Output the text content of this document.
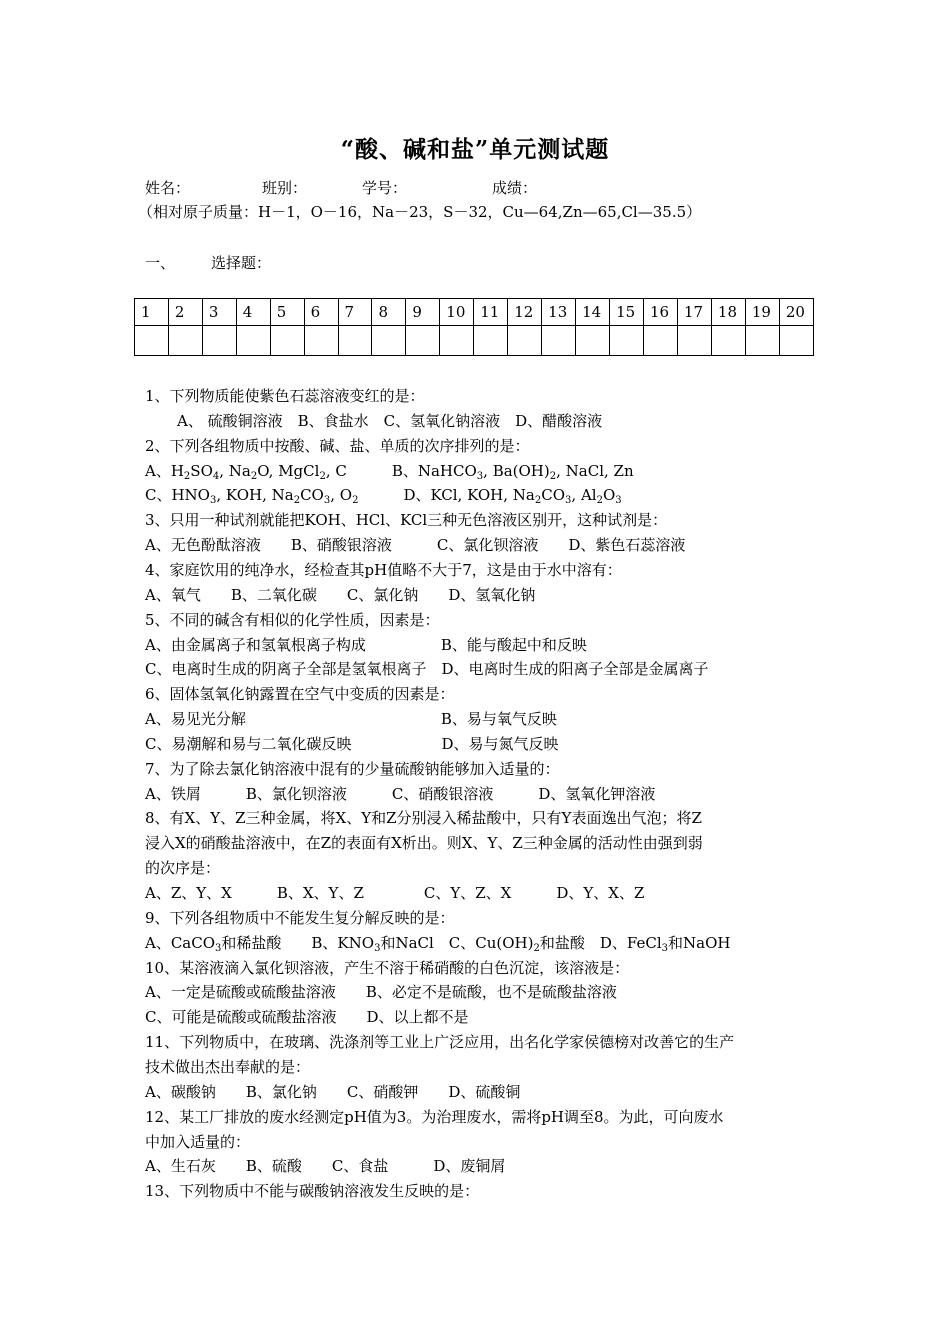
“酸、碱和盐”单元测试题
姓名：	班别：	学号：	成绩：
（相对原子质量：H－1，O－16，Na－23，S－32，Cu—64,Zn—65,Cl—35.5）
一、 选择题：
1	2	3	4	5	6	7	8	9	10	11	12	13	14	15	16	17	18	19	20

1、下列物质能使紫色石蕊溶液变红的是：
A、 硫酸铜溶液　B、食盐水　C、氢氧化钠溶液　D、醋酸溶液
2、下列各组物质中按酸、碱、盐、单质的次序排列的是：
A、$H_2SO_4$, $Na_2O$, MgCl$_2$, C　　　B、NaHCO$_3$, $Ba(OH)_2$, NaCl, Zn
C、$HNO_3$, KOH, $Na_2CO_3$, $O_2$　　　D、KCl, KOH, $Na_2CO_3$, $Al_2O_3$
3、只用一种试剂就能把KOH、HCl、KCl三种无色溶液区别开，这种试剂是：
A、无色酚酞溶液　　B、硝酸银溶液　　　C、氯化钡溶液　　D、紫色石蕊溶液
4、家庭饮用的纯净水，经检查其pH值略不大于7，这是由于水中溶有：
A、氧气　　B、二氧化碳　　C、氯化钠　　D、氢氧化钠
5、不同的碱含有相似的化学性质，因素是：
A、由金属离子和氢氧根离子构成　　　　　B、能与酸起中和反映
C、电离时生成的阴离子全部是氢氧根离子　D、电离时生成的阳离子全部是金属离子
6、固体氢氧化钠露置在空气中变质的因素是：
A、易见光分解　　　　　　　　　　　　　B、易与氧气反映
C、易潮解和易与二氧化碳反映　　　　　　D、易与氮气反映
7、为了除去氯化钠溶液中混有的少量硫酸钠能够加入适量的：
A、铁屑　　　B、氯化钡溶液　　　C、硝酸银溶液　　　D、氢氧化钾溶液
8、有X、Y、Z三种金属，将X、Y和Z分别浸入稀盐酸中，只有Y表面逸出气泡；将Z
浸入X的硝酸盐溶液中，在Z的表面有X析出。则X、Y、Z三种金属的活动性由强到弱
的次序是：
A、Z、Y、X　　　B、X、Y、Z　　　　C、Y、Z、X　　　D、Y、X、Z
9、下列各组物质中不能发生复分解反映的是：
A、CaCO$_3$和稀盐酸　　B、$KNO_3$和NaCl　C、$Cu(OH)_2$和盐酸　D、FeCl$_3$和NaOH
10、某溶液滴入氯化钡溶液，产生不溶于稀硝酸的白色沉淀，该溶液是：
A、一定是硫酸或硫酸盐溶液　　B、必定不是硫酸，也不是硫酸盐溶液
C、可能是硫酸或硫酸盐溶液　　D、以上都不是
11、下列物质中，在玻璃、洗涤剂等工业上广泛应用，出名化学家侯德榜对改善它的生产
技术做出杰出奉献的是：
A、碳酸钠　　B、氯化钠　　C、硝酸钾　　D、硫酸铜
12、某工厂排放的废水经测定pH值为3。为治理废水，需将pH调至8。为此，可向废水
中加入适量的：
A、生石灰　　B、硫酸　　C、食盐　　　D、废铜屑
13、下列物质中不能与碳酸钠溶液发生反映的是：
